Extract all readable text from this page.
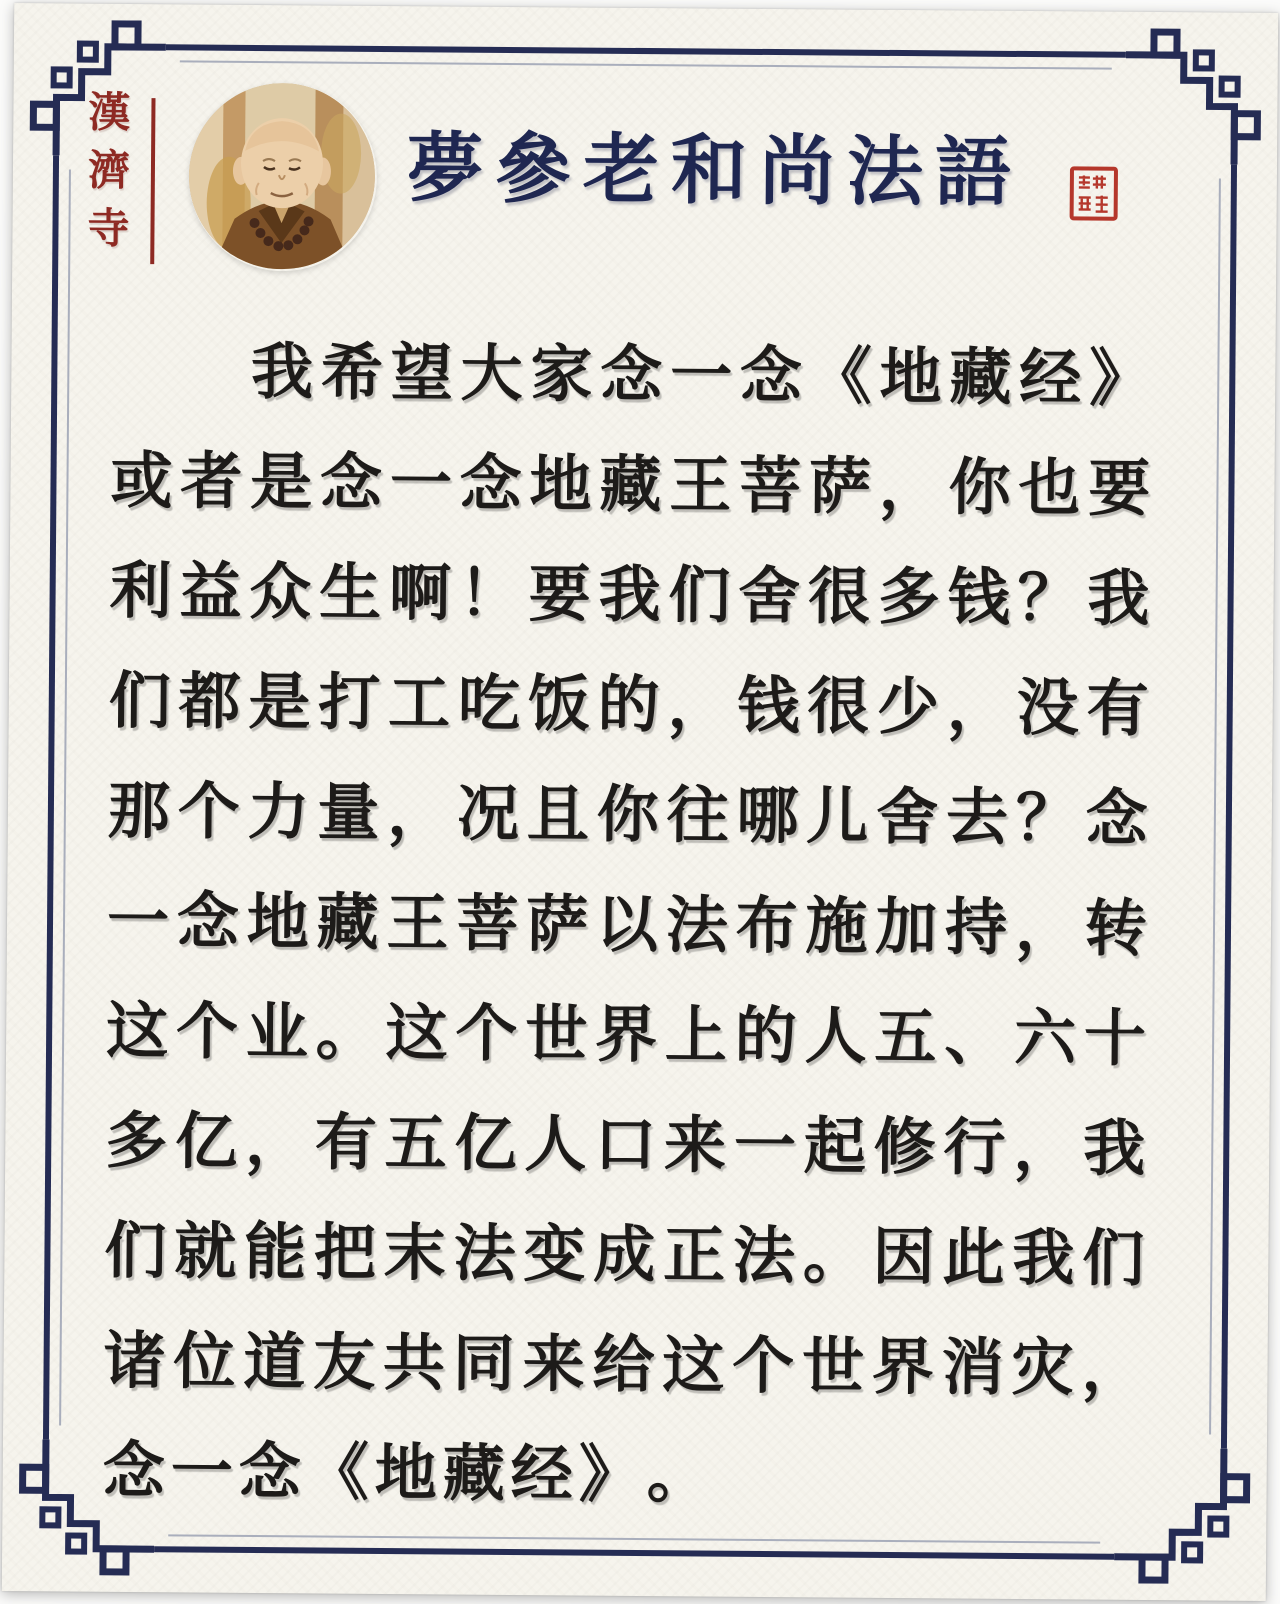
漢濟寺	夢參老和尚法語

我 希 望 大 家 念 一 念 《 地 藏 经 》
或 者 是 念 一 念 地 藏 王 菩 萨 ， 你 也 要
利 益 众 生 啊 ！ 要 我 们 舍 很 多 钱 ？ 我
们 都 是 打 工 吃 饭 的 ， 钱 很 少 ， 没 有
那 个 力 量 ， 况 且 你 往 哪 儿 舍 去 ？ 念
一 念 地 藏 王 菩 萨 以 法 布 施 加 持 ， 转
这 个 业 。 这 个 世 界 上 的 人 五 、 六 十
多 亿 ， 有 五 亿 人 口 来 一 起 修 行 ， 我
们 就 能 把 末 法 变 成 正 法 。 因 此 我 们
诸 位 道 友 共 同 来 给 这 个 世 界 消 灾 ，
念 一 念 《 地 藏 经 》 。
